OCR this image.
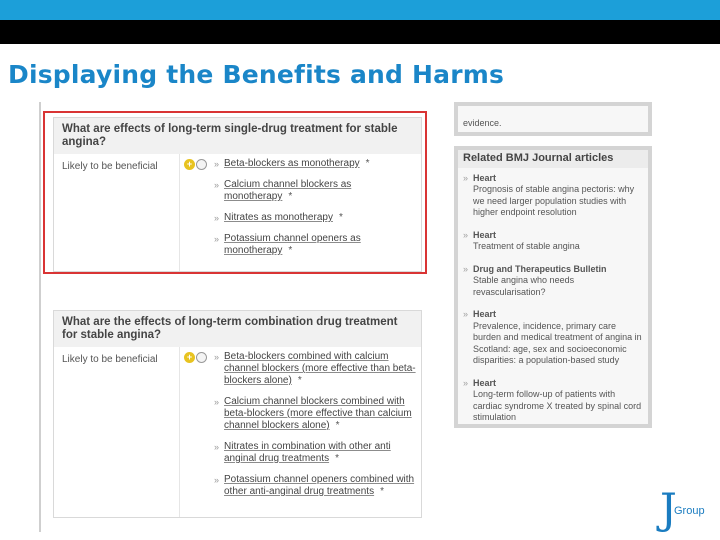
Displaying the Benefits and Harms
What are effects of long-term single-drug treatment for stable angina?
Likely to be beneficial	+	» Beta-blockers as monotherapy *
» Calcium channel blockers as monotherapy *
» Nitrates as monotherapy *
» Potassium channel openers as monotherapy *
What are the effects of long-term combination drug treatment for stable angina?
Likely to be beneficial	+	» Beta-blockers combined with calcium channel blockers (more effective than beta-blockers alone) *
» Calcium channel blockers combined with beta-blockers (more effective than calcium channel blockers alone) *
» Nitrates in combination with other anti anginal drug treatments *
» Potassium channel openers combined with other anti-anginal drug treatments *
evidence.
Related BMJ Journal articles
» Heart
Prognosis of stable angina pectoris: why we need larger population studies with higher endpoint resolution
» Heart
Treatment of stable angina
» Drug and Therapeutics Bulletin
Stable angina who needs revascularisation?
» Heart
Prevalence, incidence, primary care burden and medical treatment of angina in Scotland: age, sex and socioeconomic disparities: a population-based study
» Heart
Long-term follow-up of patients with cardiac syndrome X treated by spinal cord stimulation
J
Group
